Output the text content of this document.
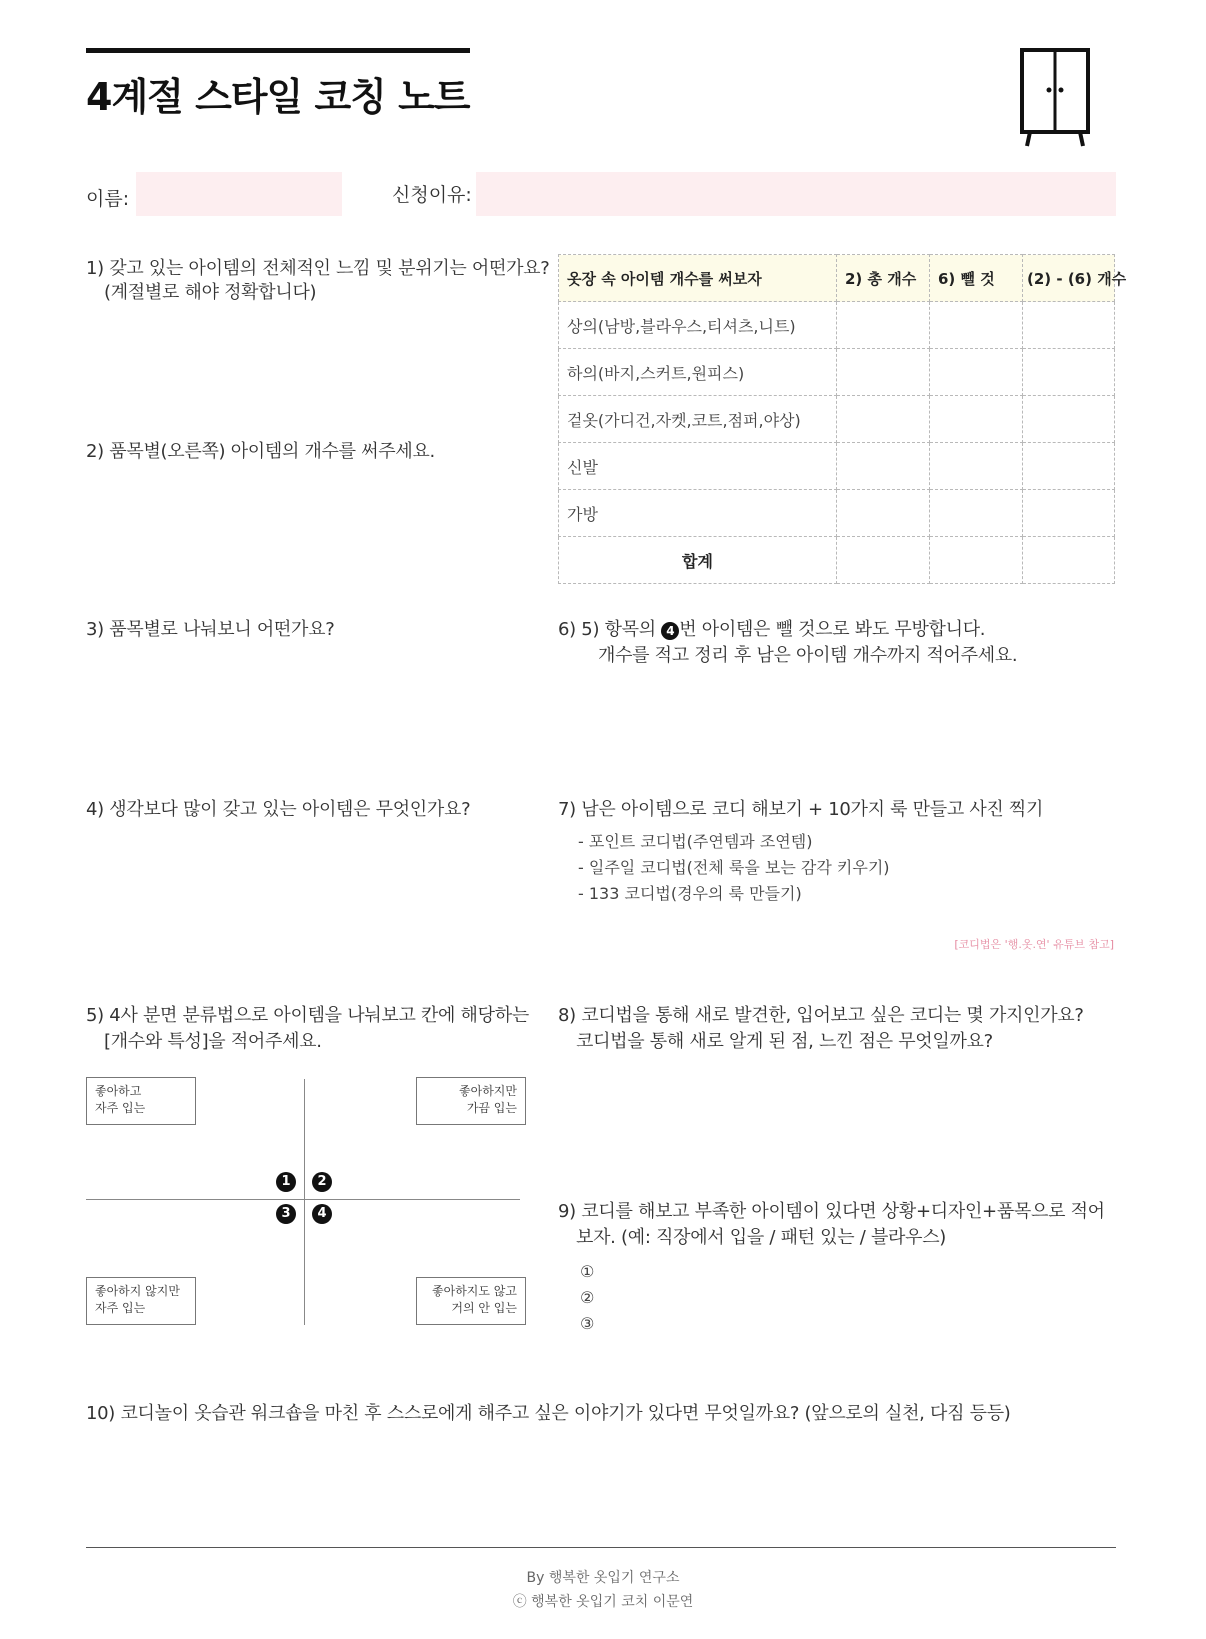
4계절 스타일 코칭 노트
이름:	신청이유:
1) 갖고 있는 아이템의 전체적인 느낌 및 분위기는 어떤가요?
(계절별로 해야 정확합니다)
2) 품목별(오른쪽) 아이템의 개수를 써주세요.
3) 품목별로 나눠보니 어떤가요?
4) 생각보다 많이 갖고 있는 아이템은 무엇인가요?
5) 4사 분면 분류법으로 아이템을 나눠보고 칸에 해당하는
[개수와 특성]을 적어주세요.
옷장 속 아이템 개수를 써보자	2) 총 개수	6) 뺄 것	(2) - (6) 개수
상의(남방,블라우스,티셔츠,니트)			
하의(바지,스커트,원피스)			
겉옷(가디건,자켓,코트,점퍼,야상)			
신발			
가방			
합계			
6) 5) 항목의 4 번 아이템은 뺄 것으로 봐도 무방합니다.
개수를 적고 정리 후 남은 아이템 개수까지 적어주세요.
7) 남은 아이템으로 코디 해보기 + 10가지 룩 만들고 사진 찍기
- 포인트 코디법(주연템과 조연템)
- 일주일 코디법(전체 룩을 보는 감각 키우기)
- 133 코디법(경우의 룩 만들기)
[코디법은 '행.옷.연' 유튜브 참고]
8) 코디법을 통해 새로 발견한, 입어보고 싶은 코디는 몇 가지인가요?
코디법을 통해 새로 알게 된 점, 느낀 점은 무엇일까요?
9) 코디를 해보고 부족한 아이템이 있다면 상황+디자인+품목으로 적어
보자. (예: 직장에서 입을 / 패턴 있는 / 블라우스)
①
②
③
좋아하고
자주 입는
좋아하지만
가끔 입는
좋아하지 않지만
자주 입는
좋아하지도 않고
거의 안 입는
1	2
3	4
10) 코디놀이 옷습관 워크숍을 마친 후 스스로에게 해주고 싶은 이야기가 있다면 무엇일까요? (앞으로의 실천, 다짐 등등)
By 행복한 옷입기 연구소
ⓒ 행복한 옷입기 코치 이문연
